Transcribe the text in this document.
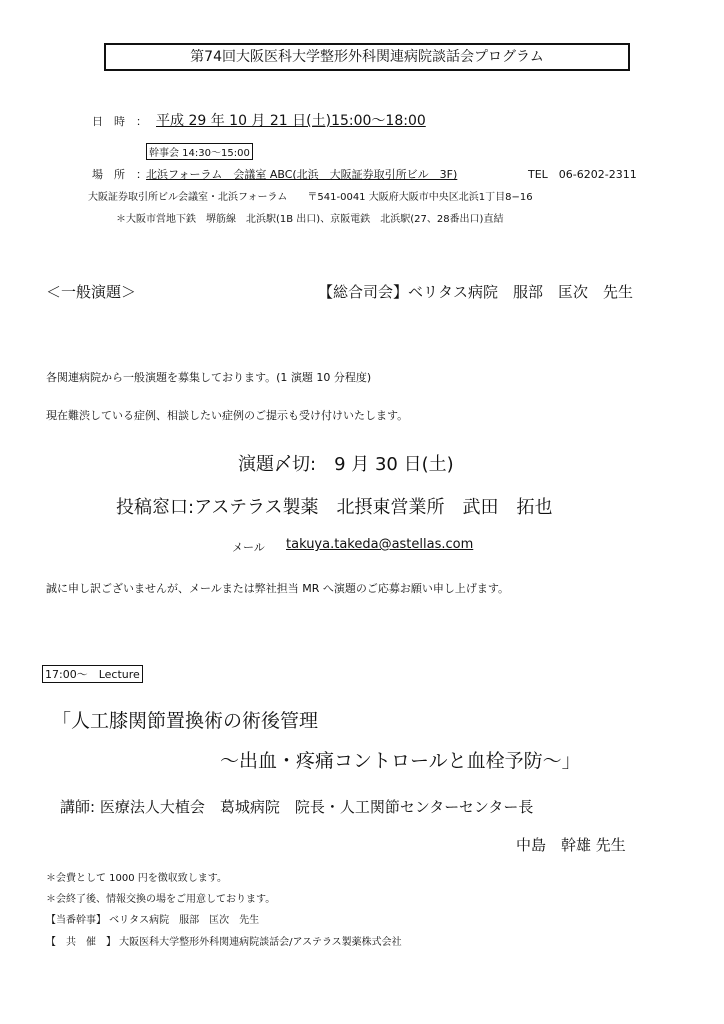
第74回大阪医科大学整形外科関連病院談話会プログラム
日　時　： 平成 29 年 10 月 21 日(土)15:00～18:00
幹事会 14:30～15:00
場　所　： 北浜フォーラム　会議室 ABC(北浜　大阪証券取引所ビル　3F)	TEL　06-6202-2311
大阪証券取引所ビル会議室・北浜フォーラム　　〒541-0041 大阪府大阪市中央区北浜1丁目8−16
＊大阪市営地下鉄　堺筋線　北浜駅(1B 出口)、京阪電鉄　北浜駅(27、28番出口)直結
＜一般演題＞	【総合司会】ベリタス病院　服部　匡次　先生
各関連病院から一般演題を募集しております。(1 演題 10 分程度)
現在難渋している症例、相談したい症例のご提示も受け付けいたします。
演題〆切:　9 月 30 日(土)
投稿窓口:アステラス製薬　北摂東営業所　武田　拓也
メール takuya.takeda@astellas.com
誠に申し訳ございませんが、メールまたは弊社担当 MR へ演題のご応募お願い申し上げます。
17:00～　Lecture
「人工膝関節置換術の術後管理
～出血・疼痛コントロールと血栓予防～」
講師: 医療法人大植会　葛城病院　院長・人工関節センターセンター長
中島　幹雄 先生
＊会費として 1000 円を徴収致します。
＊会終了後、情報交換の場をご用意しております。
【当番幹事】 ベリタス病院　服部　匡次　先生
【　共　催　】 大阪医科大学整形外科関連病院談話会/アステラス製薬株式会社
